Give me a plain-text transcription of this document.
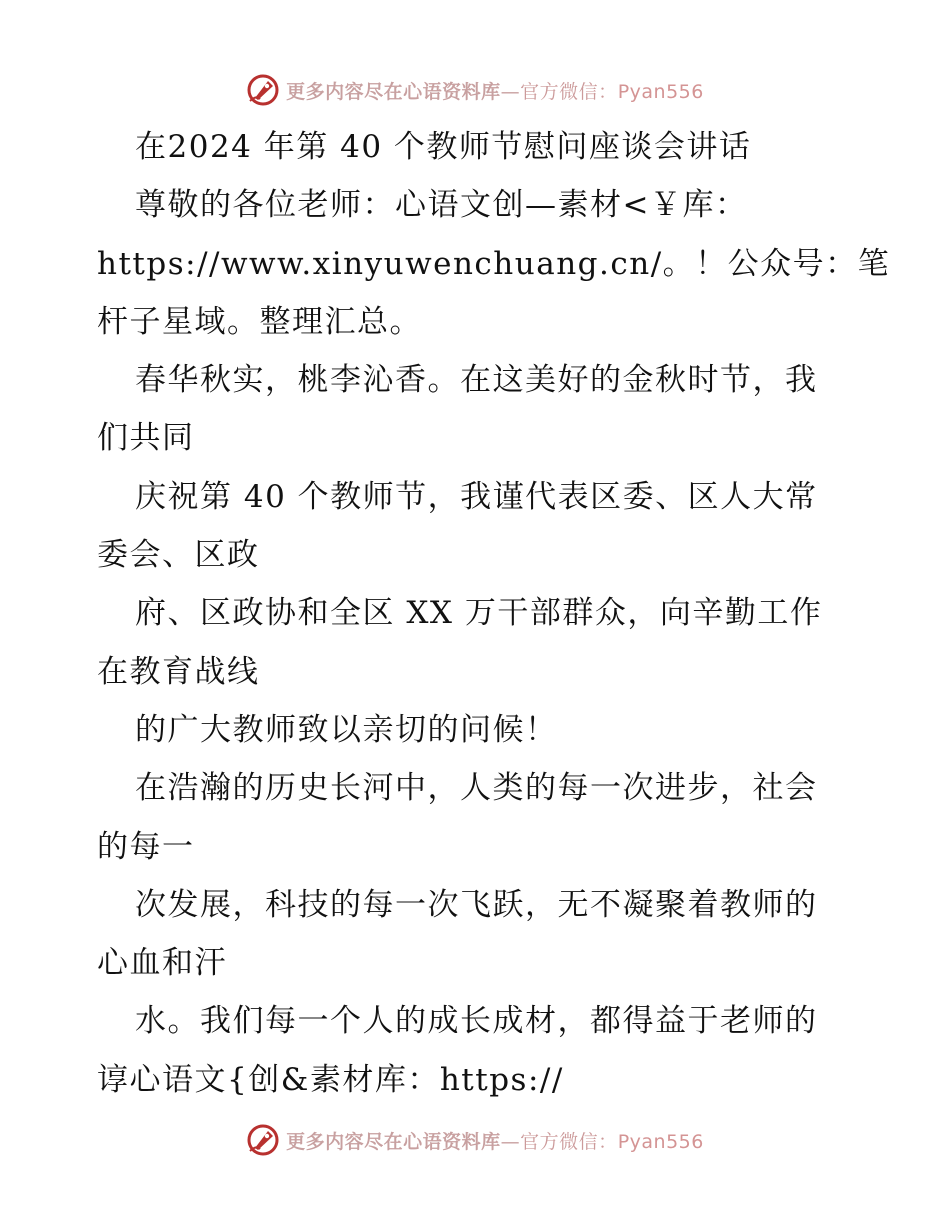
更多内容尽在心语资料库—官方微信：Pyan556
在2024 年第 40 个教师节慰问座谈会讲话
尊敬的各位老师：心语文创—素材<￥库：
https://www.xinyuwenchuang.cn/。！公众号：笔
杆子星域。整理汇总。
春华秋实，桃李沁香。在这美好的金秋时节，我
们共同
庆祝第 40 个教师节，我谨代表区委、区人大常
委会、区政
府、区政协和全区 XX 万干部群众，向辛勤工作
在教育战线
的广大教师致以亲切的问候！
在浩瀚的历史长河中，人类的每一次进步，社会
的每一
次发展，科技的每一次飞跃，无不凝聚着教师的
心血和汗
水。我们每一个人的成长成材，都得益于老师的
谆心语文{创&素材库：https://
更多内容尽在心语资料库—官方微信：Pyan556
